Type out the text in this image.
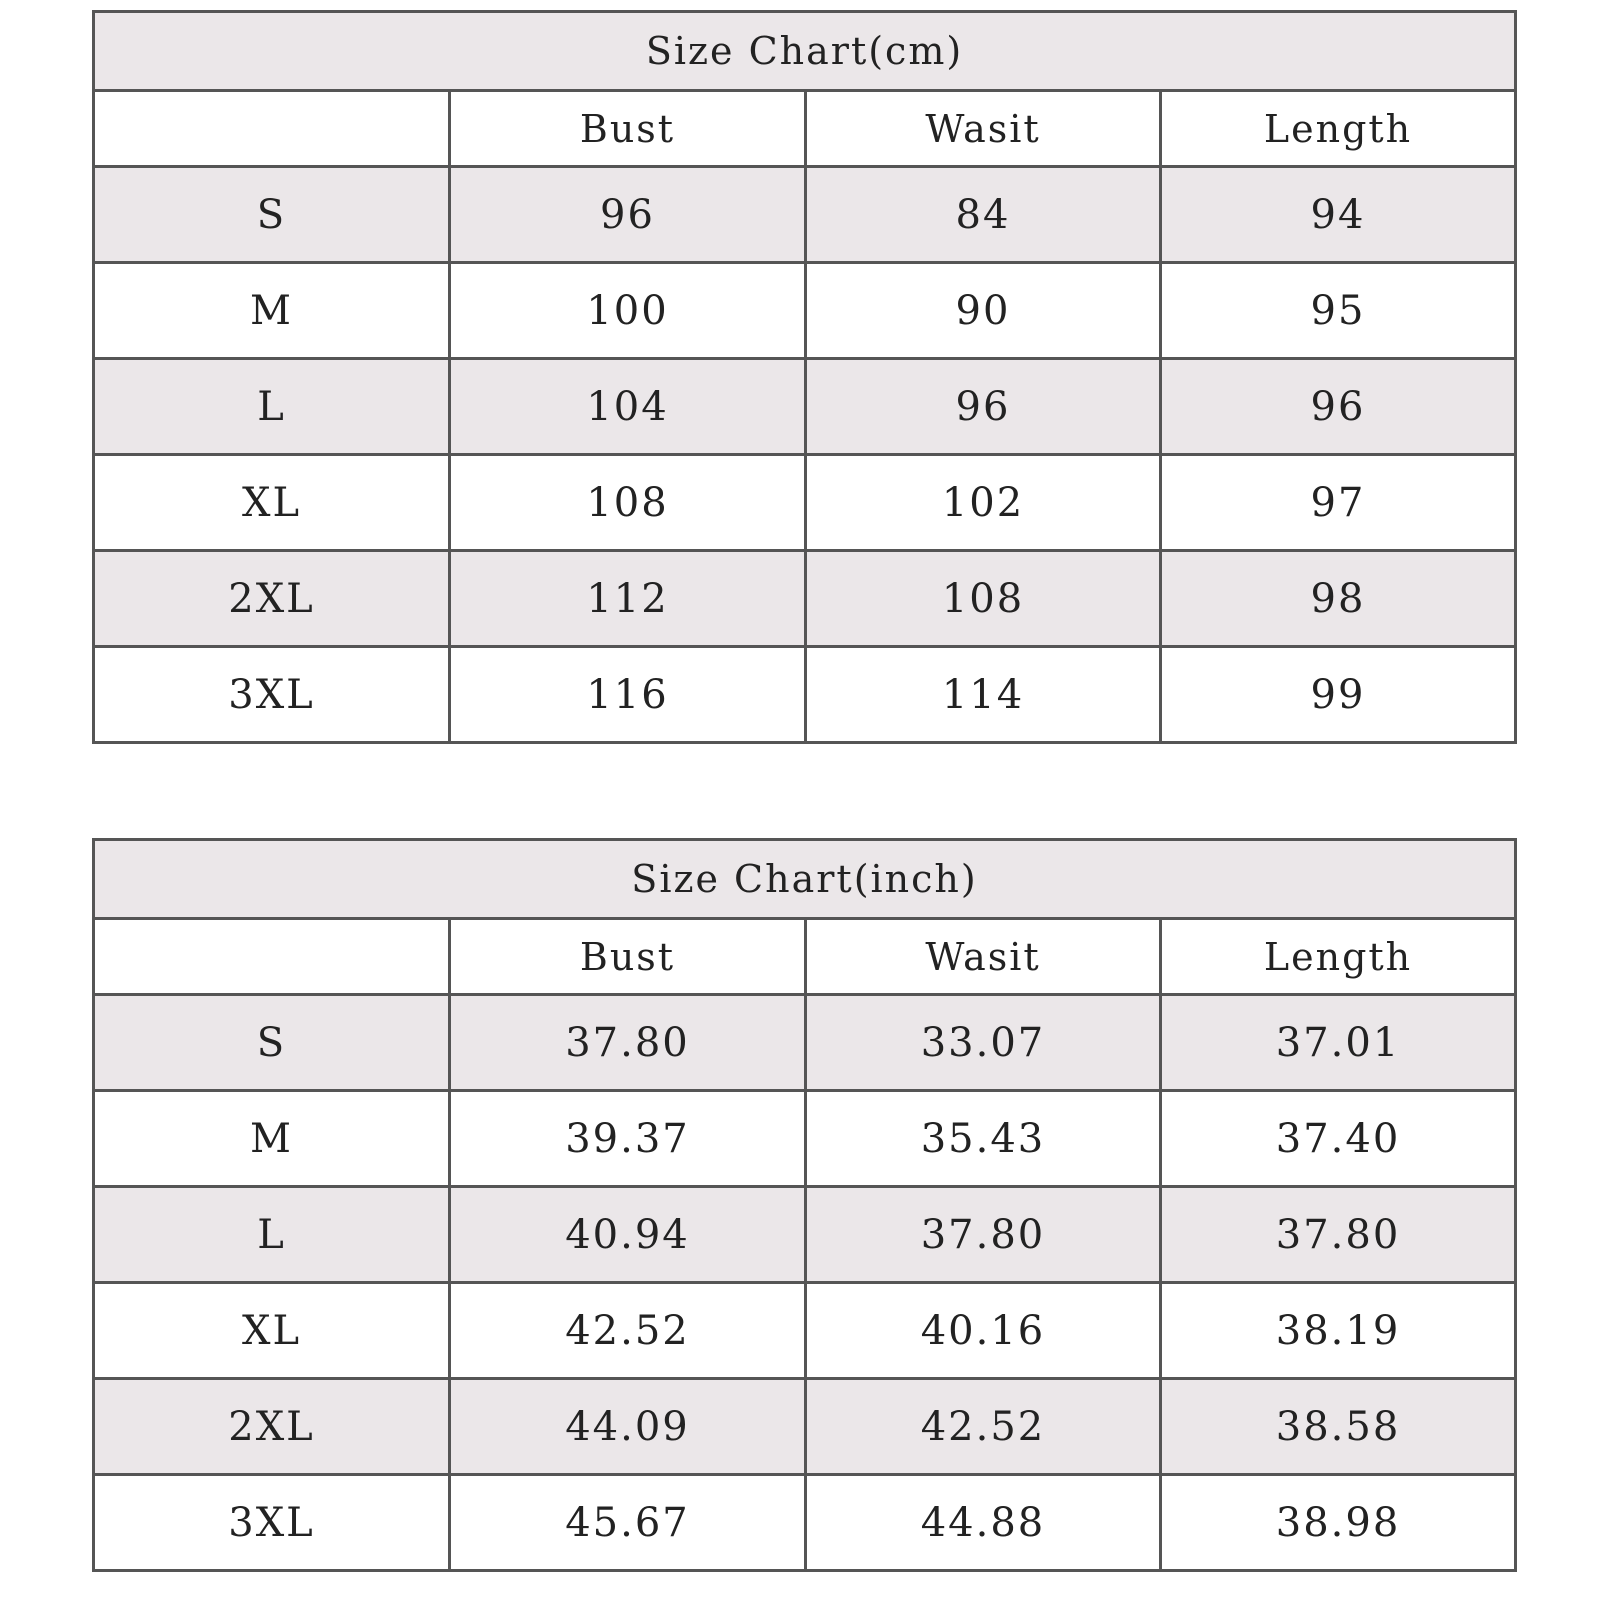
Size Chart(cm)			
	Bust	Wasit	Length
S	96	84	94
M	100	90	95
L	104	96	96
XL	108	102	97
2XL	112	108	98
3XL	116	114	99
Size Chart(inch)			
	Bust	Wasit	Length
S	37.80	33.07	37.01
M	39.37	35.43	37.40
L	40.94	37.80	37.80
XL	42.52	40.16	38.19
2XL	44.09	42.52	38.58
3XL	45.67	44.88	38.98
